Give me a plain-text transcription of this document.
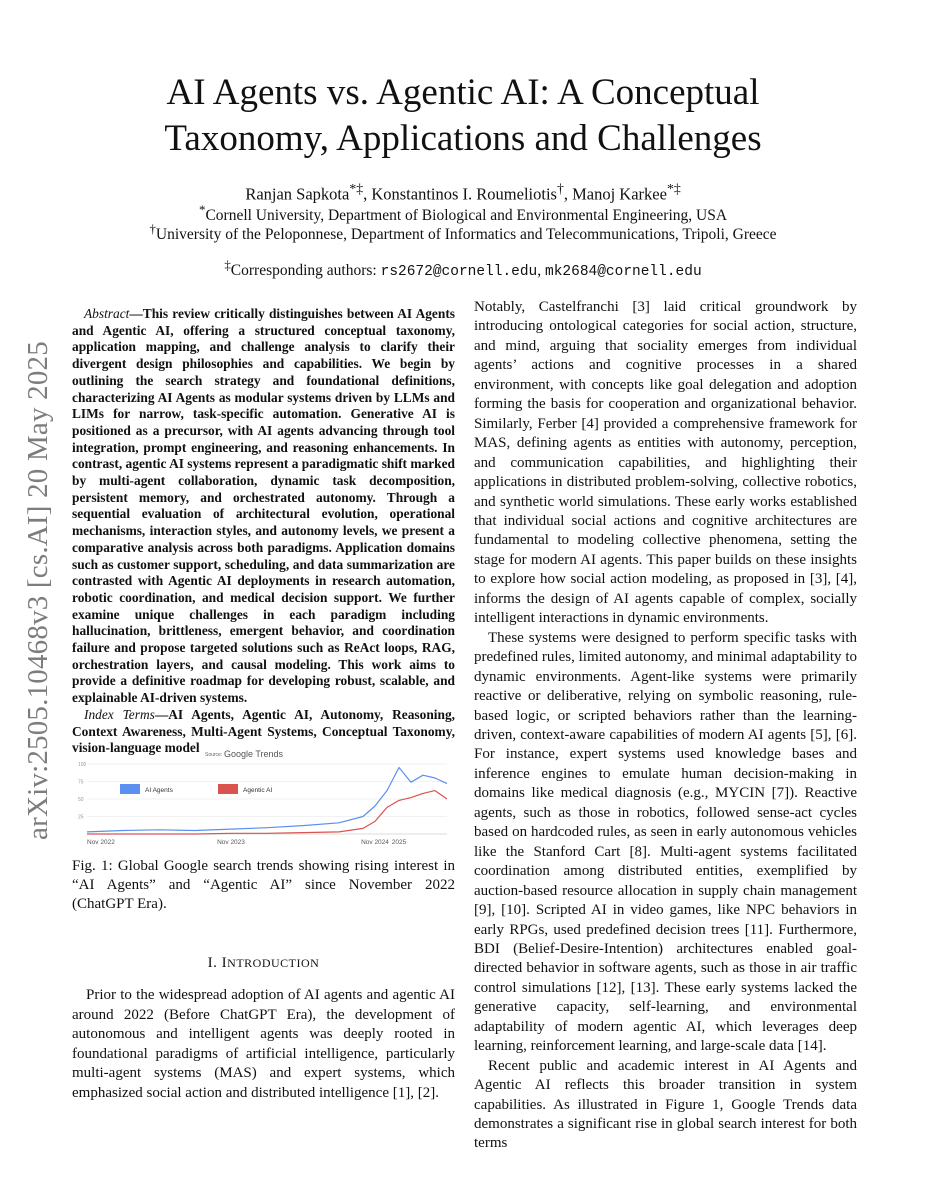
arXiv:2505.10468v3 [cs.AI] 20 May 2025
AI Agents vs. Agentic AI: A Conceptual
Taxonomy, Applications and Challenges
Ranjan Sapkota*‡, Konstantinos I. Roumeliotis†, Manoj Karkee*‡
*Cornell University, Department of Biological and Environmental Engineering, USA
†University of the Peloponnese, Department of Informatics and Telecommunications, Tripoli, Greece
‡Corresponding authors: rs2672@cornell.edu, mk2684@cornell.edu

Abstract—This review critically distinguishes between AI Agents and Agentic AI, offering a structured conceptual taxonomy, application mapping, and challenge analysis to clarify their divergent design philosophies and capabilities. We begin by outlining the search strategy and foundational definitions, characterizing AI Agents as modular systems driven by LLMs and LIMs for narrow, task-specific automation. Generative AI is positioned as a precursor, with AI agents advancing through tool integration, prompt engineering, and reasoning enhancements. In contrast, agentic AI systems represent a paradigmatic shift marked by multi-agent collaboration, dynamic task decomposition, persistent memory, and orchestrated autonomy. Through a sequential evaluation of architectural evolution, operational mechanisms, interaction styles, and autonomy levels, we present a comparative analysis across both paradigms. Application domains such as customer support, scheduling, and data summarization are contrasted with Agentic AI deployments in research automation, robotic coordination, and medical decision support. We further examine unique challenges in each paradigm including hallucination, brittleness, emergent behavior, and coordination failure and propose targeted solutions such as ReAct loops, RAG, orchestration layers, and causal modeling. This work aims to provide a definitive roadmap for developing robust, scalable, and explainable AI-driven systems.

Index Terms—AI Agents, Agentic AI, Autonomy, Reasoning, Context Awareness, Multi-Agent Systems, Conceptual Taxonomy, vision-language model	Source: Google Trends
100
75
50
25
Nov 2022	Nov 2023	Nov 2024 2025
AI Agents	Agentic AI
Fig. 1: Global Google search trends showing rising interest in “AI Agents” and “Agentic AI” since November 2022 (ChatGPT Era).
I. INTRODUCTION

Prior to the widespread adoption of AI agents and agentic AI around 2022 (Before ChatGPT Era), the development of autonomous and intelligent agents was deeply rooted in foundational paradigms of artificial intelligence, particularly multi-agent systems (MAS) and expert systems, which emphasized social action and distributed intelligence [1], [2].

Notably, Castelfranchi [3] laid critical groundwork by introducing ontological categories for social action, structure, and mind, arguing that sociality emerges from individual agents’ actions and cognitive processes in a shared environment, with concepts like goal delegation and adoption forming the basis for cooperation and organizational behavior. Similarly, Ferber [4] provided a comprehensive framework for MAS, defining agents as entities with autonomy, perception, and communication capabilities, and highlighting their applications in distributed problem-solving, collective robotics, and synthetic world simulations. These early works established that individual social actions and cognitive architectures are fundamental to modeling collective phenomena, setting the stage for modern AI agents. This paper builds on these insights to explore how social action modeling, as proposed in [3], [4], informs the design of AI agents capable of complex, socially intelligent interactions in dynamic environments.

These systems were designed to perform specific tasks with predefined rules, limited autonomy, and minimal adaptability to dynamic environments. Agent-like systems were primarily reactive or deliberative, relying on symbolic reasoning, rule-based logic, or scripted behaviors rather than the learning-driven, context-aware capabilities of modern AI agents [5], [6]. For instance, expert systems used knowledge bases and inference engines to emulate human decision-making in domains like medical diagnosis (e.g., MYCIN [7]). Reactive agents, such as those in robotics, followed sense-act cycles based on hardcoded rules, as seen in early autonomous vehicles like the Stanford Cart [8]. Multi-agent systems facilitated coordination among distributed entities, exemplified by auction-based resource allocation in supply chain management [9], [10]. Scripted AI in video games, like NPC behaviors in early RPGs, used predefined decision trees [11]. Furthermore, BDI (Belief-Desire-Intention) architectures enabled goal-directed behavior in software agents, such as those in air traffic control simulations [12], [13]. These early systems lacked the generative capacity, self-learning, and environmental adaptability of modern agentic AI, which leverages deep learning, reinforcement learning, and large-scale data [14].

Recent public and academic interest in AI Agents and Agentic AI reflects this broader transition in system capabilities. As illustrated in Figure 1, Google Trends data demonstrates a significant rise in global search interest for both terms
